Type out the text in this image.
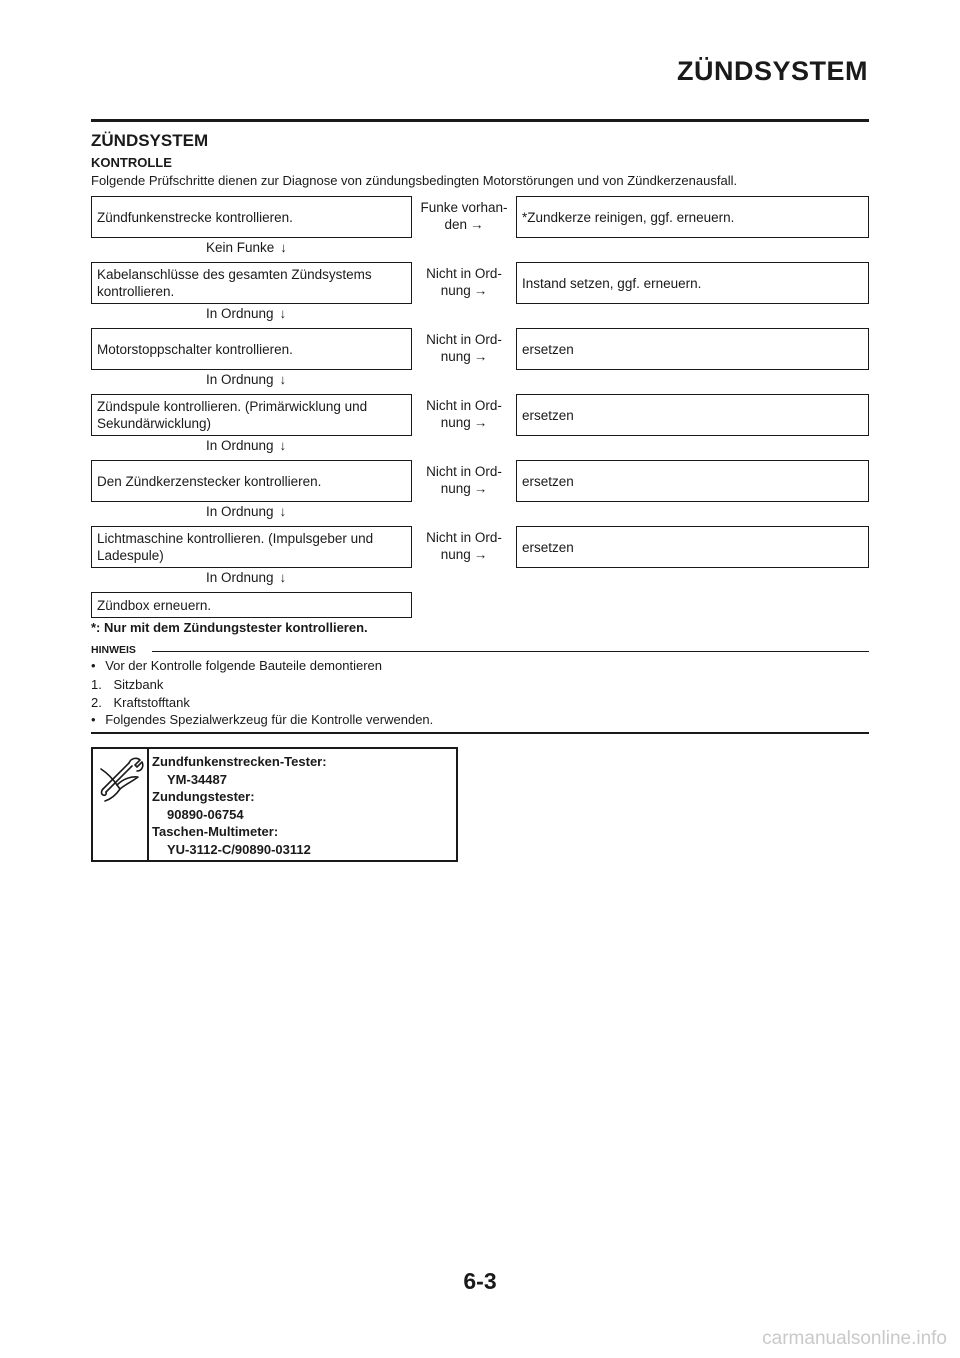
ZÜNDSYSTEM
ZÜNDSYSTEM
KONTROLLE
Folgende Prüfschritte dienen zur Diagnose von zündungsbedingten Motorstörungen und von Zündkerzenausfall.
Zündfunkenstrecke kontrollieren.
Funke vorhan-
den →	*Zundkerze reinigen, ggf. erneuern.
Kein Funke ↓
Kabelanschlüsse des gesamten Zündsystems kontrollieren.
Nicht in Ord-
nung →	Instand setzen, ggf. erneuern.
In Ordnung ↓
Motorstoppschalter kontrollieren.
Nicht in Ord-
nung →	ersetzen
In Ordnung ↓
Zündspule kontrollieren. (Primärwicklung und Sekundärwicklung)
Nicht in Ord-
nung →	ersetzen
In Ordnung ↓
Den Zündkerzenstecker kontrollieren.
Nicht in Ord-
nung →	ersetzen
In Ordnung ↓
Lichtmaschine kontrollieren. (Impulsgeber und Ladespule)
Nicht in Ord-
nung →	ersetzen
In Ordnung ↓
Zündbox erneuern.
*: Nur mit dem Zündungstester kontrollieren.
HINWEIS
• Vor der Kontrolle folgende Bauteile demontieren
1. Sitzbank
2. Kraftstofftank
• Folgendes Spezialwerkzeug für die Kontrolle verwenden.
Zundfunkenstrecken-Tester:
YM-34487
Zundungstester:
90890-06754
Taschen-Multimeter:
YU-3112-C/90890-03112
6-3
carmanualsonline.info
